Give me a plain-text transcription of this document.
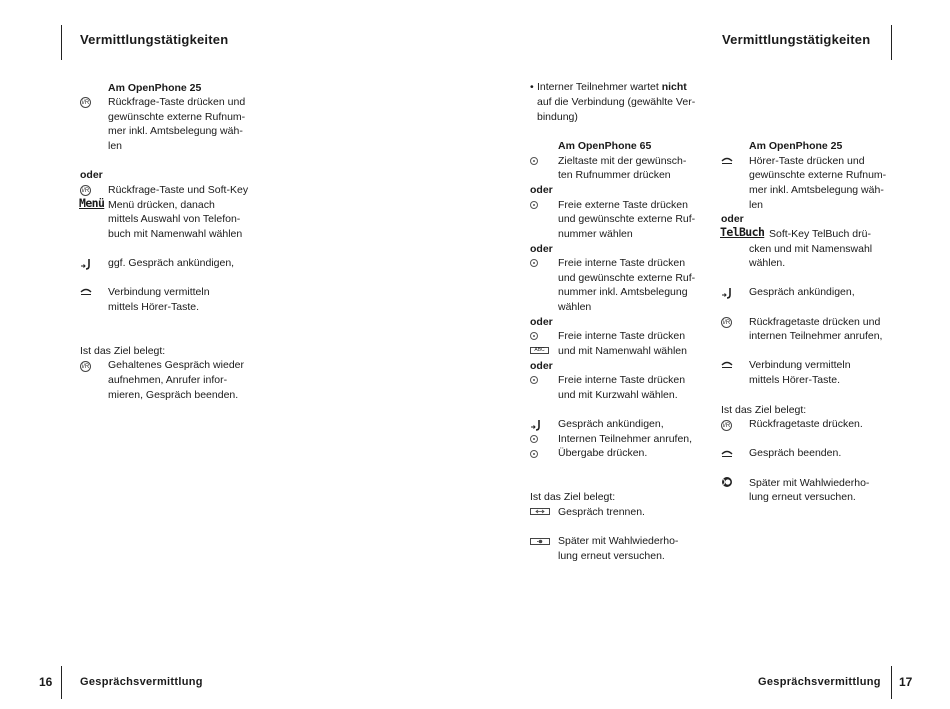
Vermittlungstätigkeiten	Vermittlungstätigkeiten
16	Gesprächsvermittlung	Gesprächsvermittlung 17
Am OpenPhone 25
i/R Rückfrage-Taste drücken und
gewünschte externe Rufnum-
mer inkl. Amtsbelegung wäh-
len
oder
i/R Rückfrage-Taste und Soft-Key
Menü Menü drücken, danach
mittels Auswahl von Telefon-
buch mit Namenwahl wählen
ggf. Gespräch ankündigen,
Verbindung vermitteln
mittels Hörer-Taste.
Ist das Ziel belegt:
i/R Gehaltenes Gespräch wieder
aufnehmen, Anrufer infor-
mieren, Gespräch beenden.
• Interner Teilnehmer wartet nicht
auf die Verbindung (gewählte Ver-
bindung)
Am OpenPhone 65
Zieltaste mit der gewünsch-
ten Rufnummer drücken
oder
Freie externe Taste drücken
und gewünschte externe Ruf-
nummer wählen
oder
Freie interne Taste drücken
und gewünschte externe Ruf-
nummer inkl. Amtsbelegung
wählen
oder
Freie interne Taste drücken
ABC	und mit Namenwahl wählen
oder
Freie interne Taste drücken
und mit Kurzwahl wählen.
Gespräch ankündigen,
Internen Teilnehmer anrufen,
Übergabe drücken.
Ist das Ziel belegt:
Gespräch trennen.
Später mit Wahlwiederho-
lung erneut versuchen.
Am OpenPhone 25
Hörer-Taste drücken und
gewünschte externe Rufnum-
mer inkl. Amtsbelegung wäh-
len
oder
TelBuch Soft-Key TelBuch drü-
cken und mit Namenswahl
wählen.
Gespräch ankündigen,
i/R Rückfragetaste drücken und
internen Teilnehmer anrufen,
Verbindung vermitteln
mittels Hörer-Taste.
Ist das Ziel belegt:
i/R Rückfragetaste drücken.
Gespräch beenden.
Später mit Wahlwiederho-
lung erneut versuchen.
